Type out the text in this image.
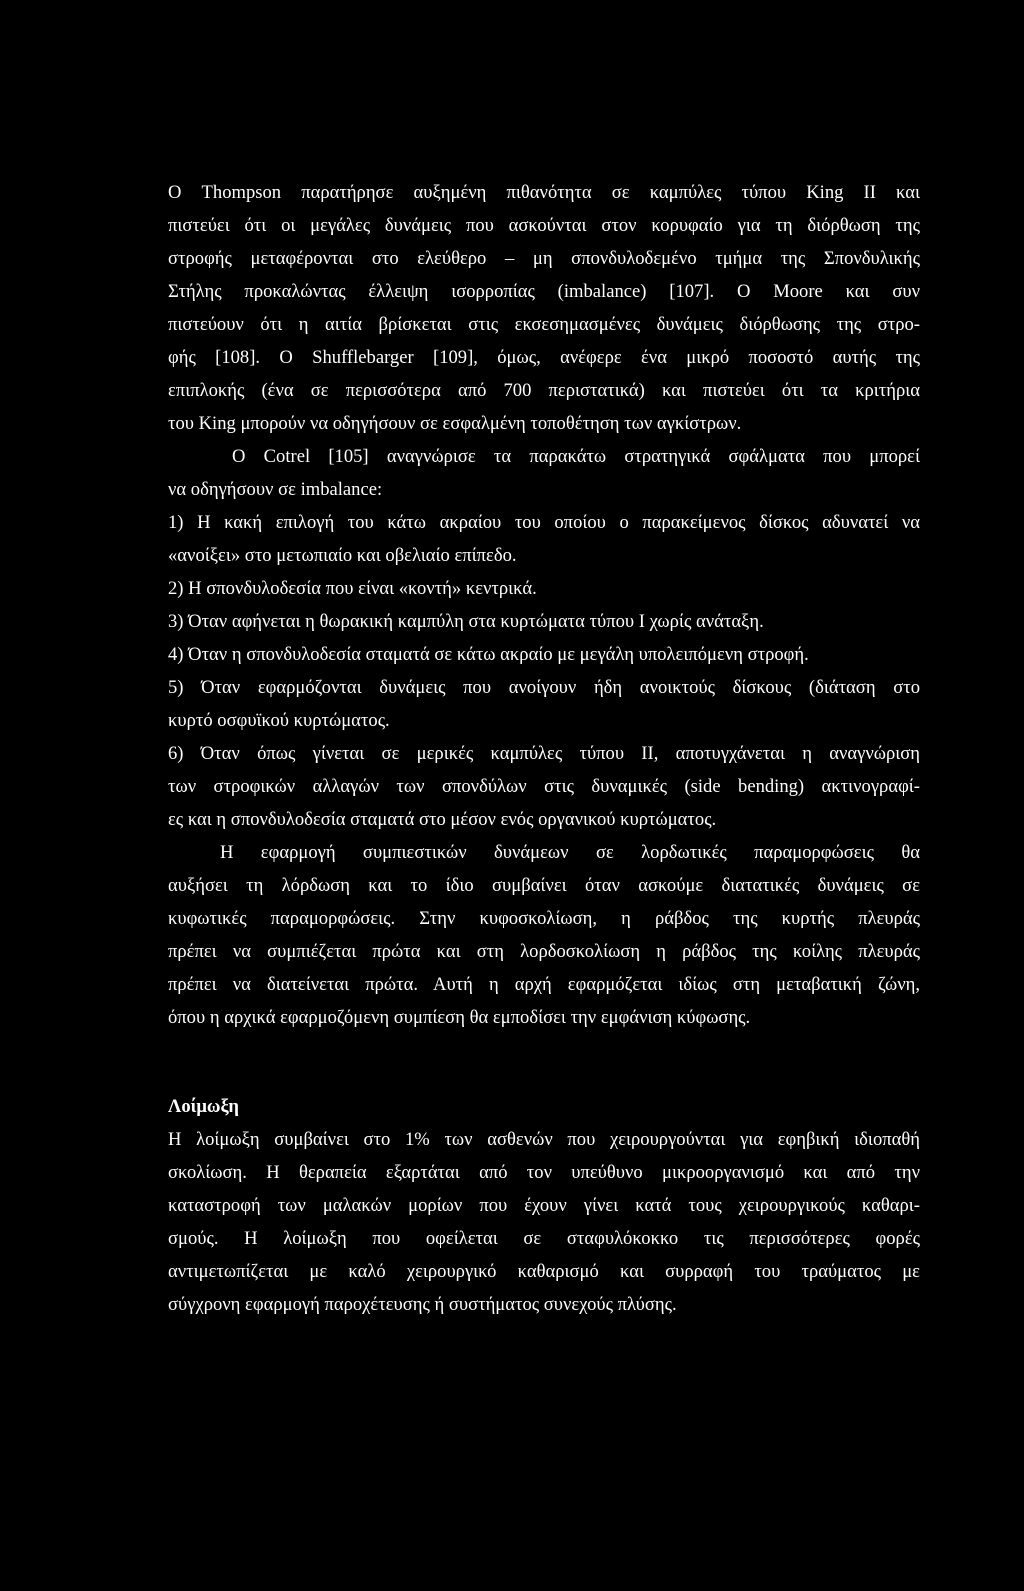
Ο Thompson παρατήρησε αυξημένη πιθανότητα σε καμπύλες τύπου King II και
πιστεύει ότι οι μεγάλες δυνάμεις που ασκούνται στον κορυφαίο για τη διόρθωση της
στροφής μεταφέρονται στο ελεύθερο – μη σπονδυλοδεμένο τμήμα της Σπονδυλικής
Στήλης προκαλώντας έλλειψη ισορροπίας (imbalance) [107]. Ο Moore και συν
πιστεύουν ότι η αιτία βρίσκεται στις εκσεσημασμένες δυνάμεις διόρθωσης της στρο-
φής [108]. Ο Shufflebarger [109], όμως, ανέφερε ένα μικρό ποσοστό αυτής της
επιπλοκής (ένα σε περισσότερα από 700 περιστατικά) και πιστεύει ότι τα κριτήρια
του King μπορούν να οδηγήσουν σε εσφαλμένη τοποθέτηση των αγκίστρων.
Ο Cotrel [105] αναγνώρισε τα παρακάτω στρατηγικά σφάλματα που μπορεί
να οδηγήσουν σε imbalance:
1) Η κακή επιλογή του κάτω ακραίου του οποίου ο παρακείμενος δίσκος αδυνατεί να
«ανοίξει» στο μετωπιαίο και οβελιαίο επίπεδο.
2) Η σπονδυλοδεσία που είναι «κοντή» κεντρικά.
3) Όταν αφήνεται η θωρακική καμπύλη στα κυρτώματα τύπου Ι χωρίς ανάταξη.
4) Όταν η σπονδυλοδεσία σταματά σε κάτω ακραίο με μεγάλη υπολειπόμενη στροφή.
5) Όταν εφαρμόζονται δυνάμεις που ανοίγουν ήδη ανοικτούς δίσκους (διάταση στο
κυρτό οσφυϊκού κυρτώματος.
6) Όταν όπως γίνεται σε μερικές καμπύλες τύπου ΙΙ, αποτυγχάνεται η αναγνώριση
των στροφικών αλλαγών των σπονδύλων στις δυναμικές (side bending) ακτινογραφί-
ες και η σπονδυλοδεσία σταματά στο μέσον ενός οργανικού κυρτώματος.
Η εφαρμογή συμπιεστικών δυνάμεων σε λορδωτικές παραμορφώσεις θα
αυξήσει τη λόρδωση και το ίδιο συμβαίνει όταν ασκούμε διατατικές δυνάμεις σε
κυφωτικές παραμορφώσεις. Στην κυφοσκολίωση, η ράβδος της κυρτής πλευράς
πρέπει να συμπιέζεται πρώτα και στη λορδοσκολίωση η ράβδος της κοίλης πλευράς
πρέπει να διατείνεται πρώτα. Αυτή η αρχή εφαρμόζεται ιδίως στη μεταβατική ζώνη,
όπου η αρχικά εφαρμοζόμενη συμπίεση θα εμποδίσει την εμφάνιση κύφωσης.
Λοίμωξη
Η λοίμωξη συμβαίνει στο 1% των ασθενών που χειρουργούνται για εφηβική ιδιοπαθή
σκολίωση. Η θεραπεία εξαρτάται από τον υπεύθυνο μικροοργανισμό και από την
καταστροφή των μαλακών μορίων που έχουν γίνει κατά τους χειρουργικούς καθαρι-
σμούς. Η λοίμωξη που οφείλεται σε σταφυλόκοκκο τις περισσότερες φορές
αντιμετωπίζεται με καλό χειρουργικό καθαρισμό και συρραφή του τραύματος με
σύγχρονη εφαρμογή παροχέτευσης ή συστήματος συνεχούς πλύσης.
